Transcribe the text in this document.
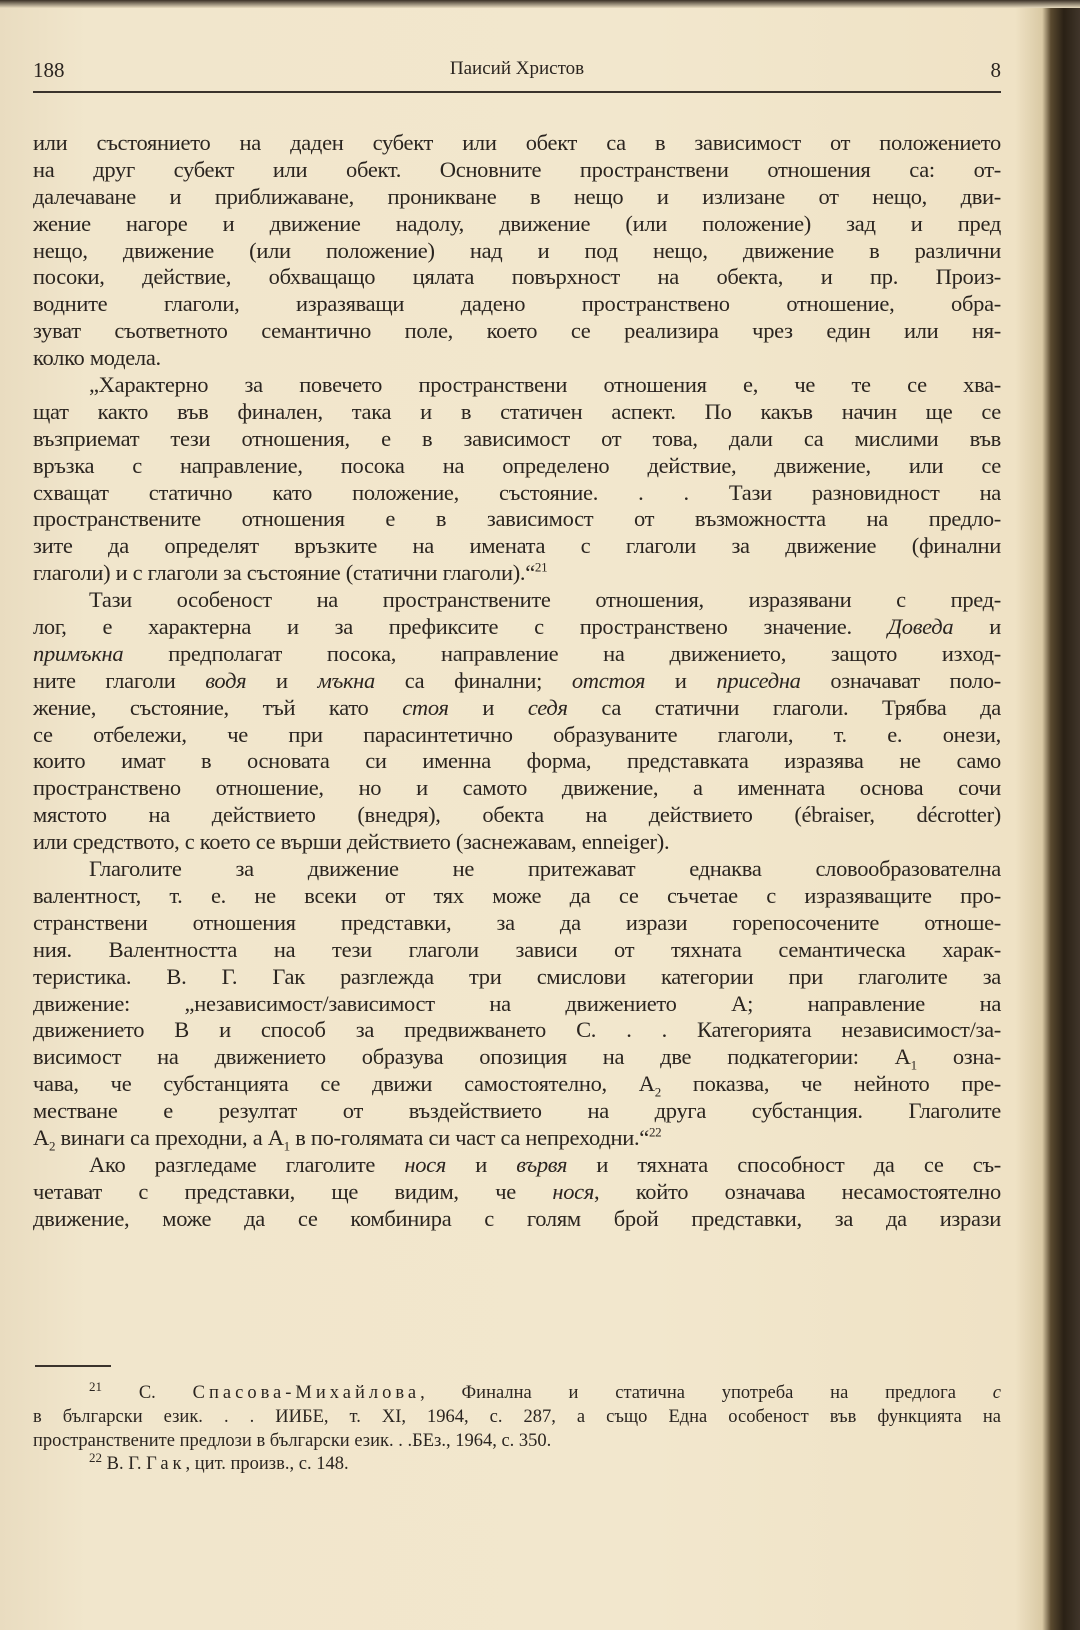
188	Паисий Христов	8
или състоянието на даден субект или обект са в зависимост от положението
на друг субект или обект. Основните пространствени отношения са: от-
далечаване и приближаване, проникване в нещо и излизане от нещо, дви-
жение нагоре и движение надолу, движение (или положение) зад и пред
нещо, движение (или положение) над и под нещо, движение в различни
посоки, действие, обхващащо цялата повърхност на обекта, и пр. Произ-
водните глаголи, изразяващи дадено пространствено отношение, обра-
зуват съответното семантично поле, което се реализира чрез един или ня-
колко модела.
„Характерно за повечето пространствени отношения е, че те се хва-
щат както във финален, така и в статичен аспект. По какъв начин ще се
възприемат тези отношения, е в зависимост от това, дали са мислими във
връзка с направление, посока на определено действие, движение, или се
схващат статично като положение, състояние. . . Тази разновидност на
пространствените отношения е в зависимост от възможността на предло-
зите да определят връзките на имената с глаголи за движение (финални
глаголи) и с глаголи за състояние (статични глаголи).“$^{21}$
Тази особеност на пространствените отношения, изразявани с пред-
лог, е характерна и за префиксите с пространствено значение. Доведа и
примъкна предполагат посока, направление на движението, защото изход-
ните глаголи водя и мъкна са финални; отстоя и приседна означават поло-
жение, състояние, тъй като стоя и седя са статични глаголи. Трябва да
се отбележи, че при парасинтетично образуваните глаголи, т. е. онези,
които имат в основата си именна форма, представката изразява не само
пространствено отношение, но и самото движение, а именната основа сочи
мястото на действието (внедря), обекта на действието (ébraiser, décrotter)
или средството, с което се върши действието (заснежавам, enneiger).
Глаголите за движение не притежават еднаква словообразователна
валентност, т. е. не всеки от тях може да се съчетае с изразяващите про-
странствени отношения представки, за да изрази горепосочените отноше-
ния. Валентността на тези глаголи зависи от тяхната семантическа харак-
теристика. В. Г. Гак разглежда три смислови категории при глаголите за
движение: „независимост/зависимост на движението А; направление на
движението В и способ за предвижването С. . . Категорията независимост/за-
висимост на движението образува опозиция на две подкатегории: $А_1$ озна-
чава, че субстанцията се движи самостоятелно, $А_2$ показва, че нейното пре-
местване е резултат от въздействието на друга субстанция. Глаголите
$А_2$ винаги са преходни, а $А_1$ в по-голямата си част са непреходни.“$^{22}$
Ако разгледаме глаголите нося и вървя и тяхната способност да се съ-
четават с представки, ще видим, че нося, който означава несамостоятелно
движение, може да се комбинира с голям брой представки, за да изрази
$^{21}$ С. Спасова-Михайлова, Финална и статична употреба на предлога с
в български език. . . ИИБЕ, т. XI, 1964, с. 287, а също Една особеност във функцията на
пространствените предлози в български език. . .БЕз., 1964, с. 350.
$^{22}$ В. Г. Гак, цит. произв., с. 148.
